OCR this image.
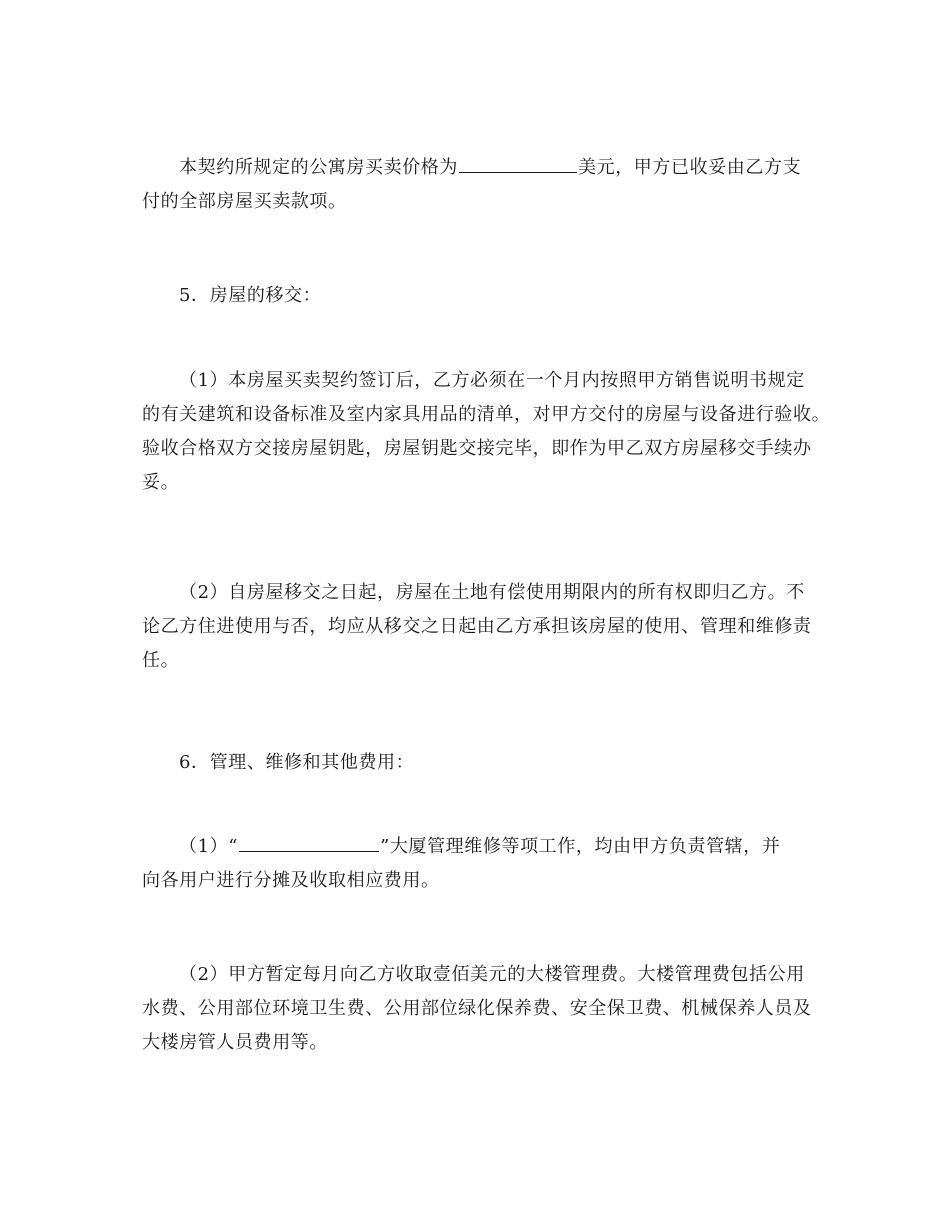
本契约所规定的公寓房买卖价格为	美元，甲方已收妥由乙方支
付的全部房屋买卖款项。

5．房屋的移交：

（1）本房屋买卖契约签订后，乙方必须在一个月内按照甲方销售说明书规定
的有关建筑和设备标准及室内家具用品的清单，对甲方交付的房屋与设备进行验收。
验收合格双方交接房屋钥匙，房屋钥匙交接完毕，即作为甲乙双方房屋移交手续办
妥。

（2）自房屋移交之日起，房屋在土地有偿使用期限内的所有权即归乙方。不
论乙方住进使用与否，均应从移交之日起由乙方承担该房屋的使用、管理和维修责
任。

6．管理、维修和其他费用：

（1）“	”大厦管理维修等项工作，均由甲方负责管辖，并
向各用户进行分摊及收取相应费用。

（2）甲方暂定每月向乙方收取壹佰美元的大楼管理费。大楼管理费包括公用
水费、公用部位环境卫生费、公用部位绿化保养费、安全保卫费、机械保养人员及
大楼房管人员费用等。
